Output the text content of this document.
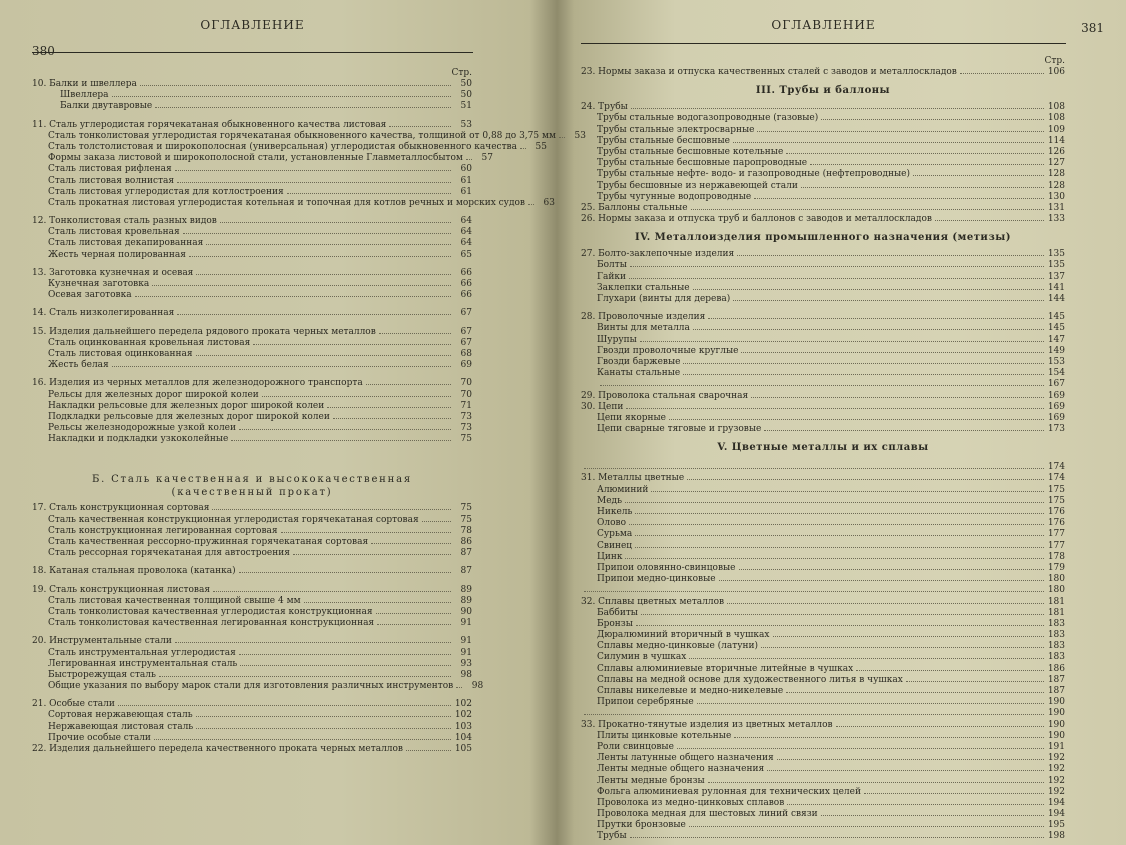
380
ОГЛАВЛЕНИЕ
Стр.
10. Балки и швеллера	50
Швеллера	50
Балки двутавровые	51
11. Сталь углеродистая горячекатаная обыкновенного качества листовая	53
Сталь тонколистовая углеродистая горячекатаная обыкновенного качества, толщиной от 0,88 до 3,75 мм	53
Сталь толстолистовая и широкополосная (универсальная) углеродистая обыкновенного качества	55
Формы заказа листовой и широкополосной стали, установленные Главметаллосбытом	57
Сталь листовая рифленая	60
Сталь листовая волнистая	61
Сталь листовая углеродистая для котлостроения	61
Сталь прокатная листовая углеродистая котельная и топочная для котлов речных и морских судов	63
12. Тонколистовая сталь разных видов	64
Сталь листовая кровельная	64
Сталь листовая декапированная	64
Жесть черная полированная	65
13. Заготовка кузнечная и осевая	66
Кузнечная заготовка	66
Осевая заготовка	66
14. Сталь низколегированная	67
15. Изделия дальнейшего передела рядового проката черных металлов	67
Сталь оцинкованная кровельная листовая	67
Сталь листовая оцинкованная	68
Жесть белая	69
16. Изделия из черных металлов для железнодорожного транспорта	70
Рельсы для железных дорог широкой колеи	70
Накладки рельсовые для железных дорог широкой колеи	71
Подкладки рельсовые для железных дорог широкой колеи	73
Рельсы железнодорожные узкой колеи	73
Накладки и подкладки узкоколейные	75
Б. Сталь качественная и высококачественная
(качественный прокат)
17. Сталь конструкционная сортовая	75
Сталь качественная конструкционная углеродистая горячекатаная сортовая	75
Сталь конструкционная легированная сортовая	78
Сталь качественная рессорно-пружинная горячекатаная сортовая	86
Сталь рессорная горячекатаная для автостроения	87
18. Катаная стальная проволока (катанка)	87
19. Сталь конструкционная листовая	89
Сталь листовая качественная толщиной свыше 4 мм	89
Сталь тонколистовая качественная углеродистая конструкционная	90
Сталь тонколистовая качественная легированная конструкционная	91
20. Инструментальные стали	91
Сталь инструментальная углеродистая	91
Легированная инструментальная сталь	93
Быстрорежущая сталь	98
Общие указания по выбору марок стали для изготовления различных инструментов	98
21. Особые стали	102
Сортовая нержавеющая сталь	102
Нержавеющая листовая сталь	103
Прочие особые стали	104
22. Изделия дальнейшего передела качественного проката черных металлов	105
ОГЛАВЛЕНИЕ	381
Стр.
23. Нормы заказа и отпуска качественных сталей с заводов и металлоскладов	106
III. Трубы и баллоны
24. Трубы	108
Трубы стальные водогазопроводные (газовые)	108
Трубы стальные электросварные	109
Трубы стальные бесшовные	114
Трубы стальные бесшовные котельные	126
Трубы стальные бесшовные паропроводные	127
Трубы стальные нефте- водо- и газопроводные (нефтепроводные)	128
Трубы бесшовные из нержавеющей стали	128
Трубы чугунные водопроводные	130
25. Баллоны стальные	131
26. Нормы заказа и отпуска труб и баллонов с заводов и металлоскладов	133
IV. Металлоизделия промышленного назначения (метизы)
27. Болто-заклепочные изделия	135
Болты	135
Гайки	137
Заклепки стальные	141
Глухари (винты для дерева)	144
28. Проволочные изделия	145
Винты для металла	145
Шурупы	147
Гвозди проволочные круглые	149
Гвозди баржевые	153
Канаты стальные	154
167
29. Проволока стальная сварочная	169
30. Цепи	169
Цепи якорные	169
Цепи сварные тяговые и грузовые	173
V. Цветные металлы и их сплавы
174
31. Металлы цветные	174
Алюминий	175
Медь	175
Никель	176
Олово	176
Сурьма	177
Свинец	177
Цинк	178
Припои оловянно-свинцовые	179
Припои медно-цинковые	180
180
32. Сплавы цветных металлов	181
Баббиты	181
Бронзы	183
Дюралюминий вторичный в чушках	183
Сплавы медно-цинковые (латуни)	183
Силумин в чушках	183
Сплавы алюминиевые вторичные литейные в чушках	186
Сплавы на медной основе для художественного литья в чушках	187
Сплавы никелевые и медно-никелевые	187
Припои серебряные	190
190
33. Прокатно-тянутые изделия из цветных металлов	190
Плиты цинковые котельные	190
Роли свинцовые	191
Ленты латунные общего назначения	192
Ленты медные общего назначения	192
Ленты медные бронзы	192
Фольга алюминиевая рулонная для технических целей	192
Проволока из медно-цинковых сплавов	194
Проволока медная для шестовых линий связи	194
Прутки бронзовые	195
Трубы	198
